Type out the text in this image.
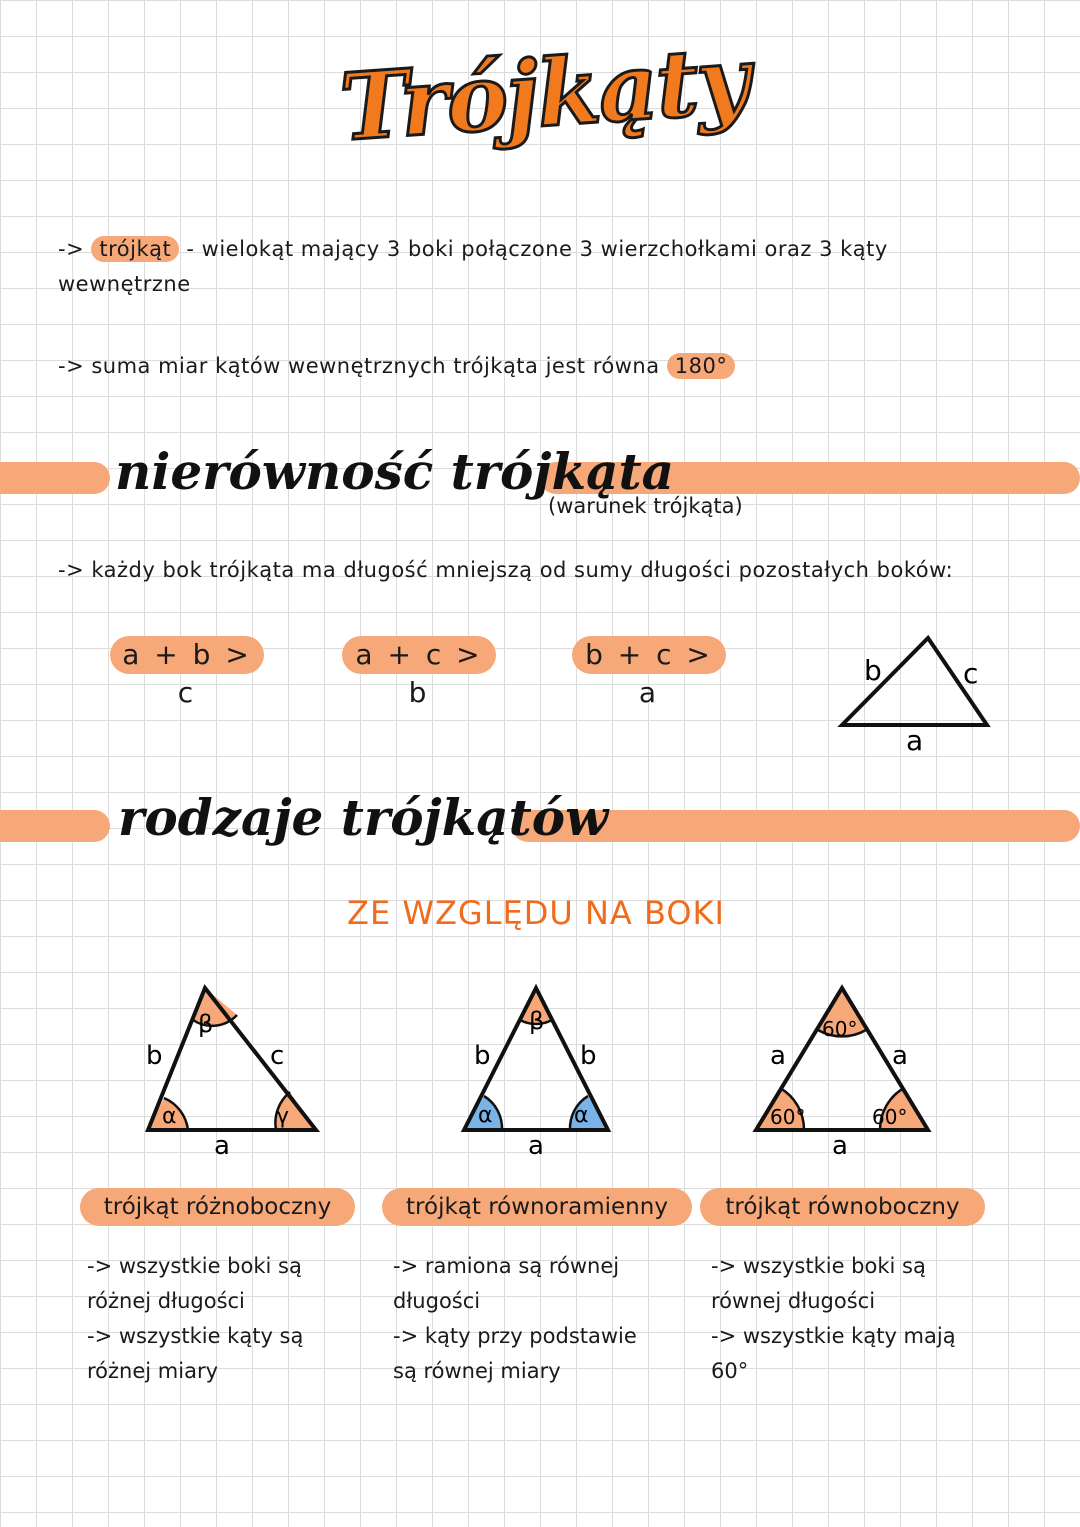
Trójkąty
-> trójkąt - wielokąt mający 3 boki połączone 3 wierzchołkami oraz 3 kąty
wewnętrzne
-> suma miar kątów wewnętrznych trójkąta jest równa 180°
nierówność trójkąta
(warunek trójkąta)
-> każdy bok trójkąta ma długość mniejszą od sumy długości pozostałych boków:
a + b > c
a + c > b
b + c > a
b	c
a
rodzaje trójkątów
ZE WZGLĘDU NA BOKI
β
α	γ
b	c
a
β
α	α
b	b
a
60°
60°	60°
a	a
a
trójkąt różnoboczny	trójkąt równoramienny	trójkąt równoboczny
-> wszystkie boki są
różnej długości
-> wszystkie kąty są
różnej miary
-> ramiona są równej
długości
-> kąty przy podstawie
są równej miary
-> wszystkie boki są
równej długości
-> wszystkie kąty mają
60°
